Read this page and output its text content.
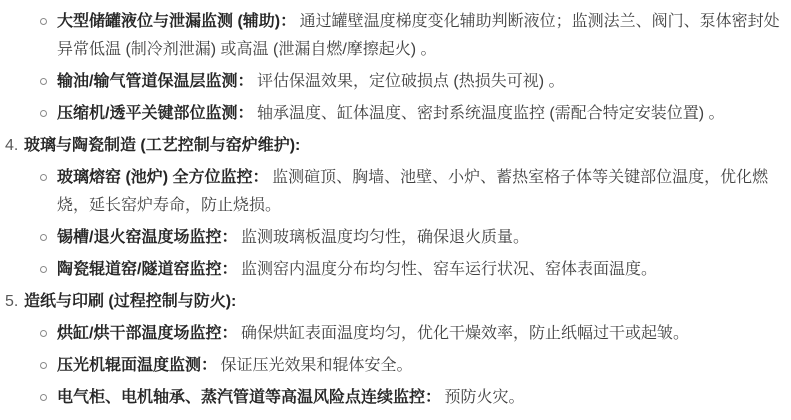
大型储罐液位与泄漏监测 (辅助)： 通过罐壁温度梯度变化辅助判断液位；监测法兰、阀门、泵体密封处异常低温 (制冷剂泄漏) 或高温 (泄漏自燃/摩擦起火) 。
输油/输气管道保温层监测： 评估保温效果，定位破损点 (热损失可视) 。
压缩机/透平关键部位监测： 轴承温度、缸体温度、密封系统温度监控 (需配合特定安装位置) 。
4. 玻璃与陶瓷制造 (工艺控制与窑炉维护):
玻璃熔窑 (池炉) 全方位监控： 监测碹顶、胸墙、池壁、小炉、蓄热室格子体等关键部位温度，优化燃烧，延长窑炉寿命，防止烧损。
锡槽/退火窑温度场监控： 监测玻璃板温度均匀性，确保退火质量。
陶瓷辊道窑/隧道窑监控： 监测窑内温度分布均匀性、窑车运行状况、窑体表面温度。
5. 造纸与印刷 (过程控制与防火):
烘缸/烘干部温度场监控： 确保烘缸表面温度均匀，优化干燥效率，防止纸幅过干或起皱。
压光机辊面温度监测： 保证压光效果和辊体安全。
电气柜、电机轴承、蒸汽管道等高温风险点连续监控： 预防火灾。
